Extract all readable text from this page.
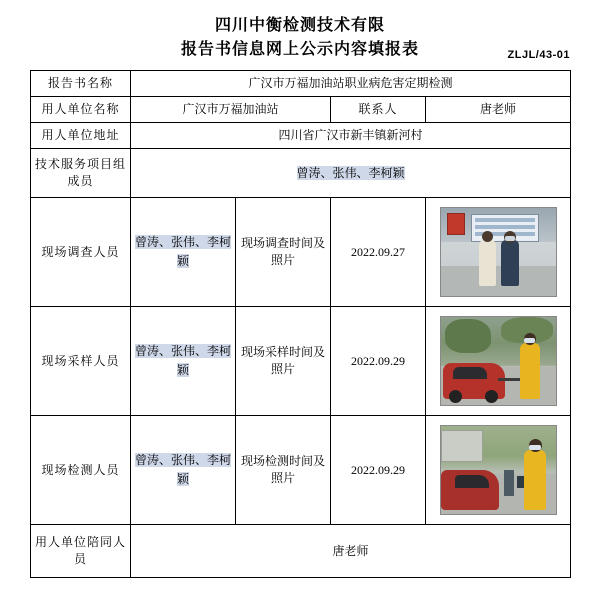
四川中衡检测技术有限
报告书信息网上公示内容填报表	ZLJL/43-01
报告书名称	广汉市万福加油站职业病危害定期检测			
用人单位名称	广汉市万福加油站		联系人	唐老师
用人单位地址	四川省广汉市新丰镇新河村			
技术服务项目组成员	曾涛、张伟、李柯颖			
现场调查人员	曾涛、张伟、李柯颖	现场调查时间及照片	2022.09.27	

现场采样人员	曾涛、张伟、李柯颖	现场采样时间及照片	2022.09.29	

现场检测人员	曾涛、张伟、李柯颖	现场检测时间及照片	2022.09.29	

用人单位陪同人员	唐老师			
